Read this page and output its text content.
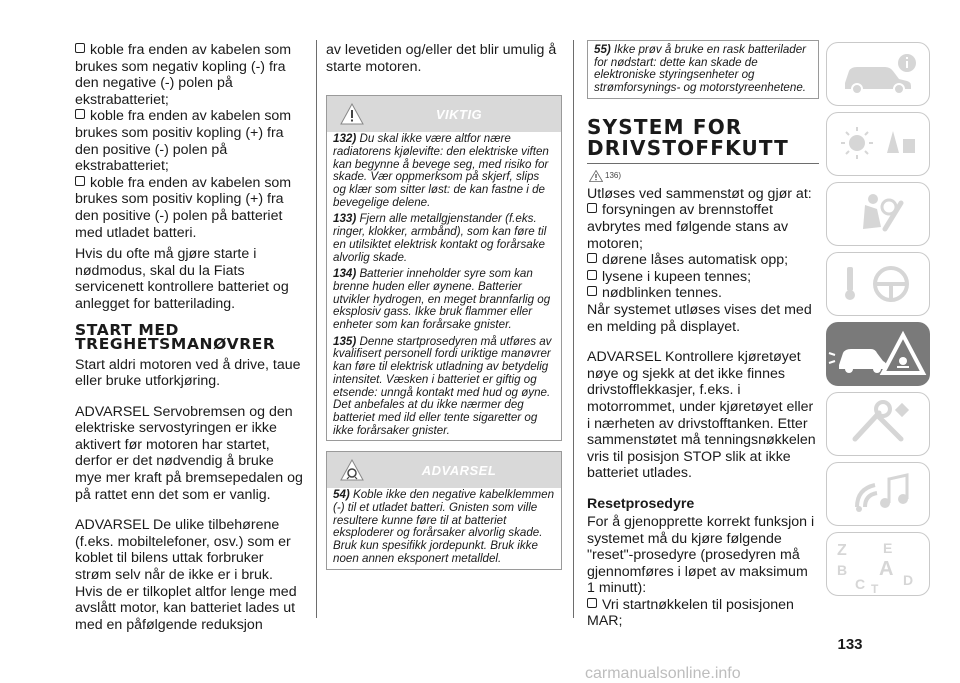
koble fra enden av kabelen som brukes som negativ kopling (-) fra den negative (-) polen på ekstrabatteriet;

koble fra enden av kabelen som brukes som positiv kopling (+) fra den positive (-) polen på ekstrabatteriet;

koble fra enden av kabelen som brukes som positiv kopling (+) fra den positive (-) polen på batteriet med utladet batteri.

Hvis du ofte må gjøre starte i nødmodus, skal du la Fiats servicenett kontrollere batteriet og anlegget for batterilading.

START MED TREGHETSMANØVRER

Start aldri motoren ved å drive, taue eller bruke utforkjøring.

ADVARSEL Servobremsen og den elektriske servostyringen er ikke aktivert før motoren har startet, derfor er det nødvendig å bruke mye mer kraft på bremsepedalen og på rattet enn det som er vanlig.

ADVARSEL De ulike tilbehørene (f.eks. mobiltelefoner, osv.) som er koblet til bilens uttak forbruker strøm selv når de ikke er i bruk. Hvis de er tilkoplet altfor lenge med avslått motor, kan batteriet lades ut med en påfølgende reduksjon

av levetiden og/eller det blir umulig å starte motoren.

VIKTIG
132) Du skal ikke være altfor nære radiatorens kjølevifte: den elektriske viften kan begynne å bevege seg, med risiko for skade. Vær oppmerksom på skjerf, slips og klær som sitter løst: de kan fastne i de bevegelige delene.
133) Fjern alle metallgjenstander (f.eks. ringer, klokker, armbånd), som kan føre til en utilsiktet elektrisk kontakt og forårsake alvorlig skade.
134) Batterier inneholder syre som kan brenne huden eller øynene. Batterier utvikler hydrogen, en meget brannfarlig og eksplosiv gass. Ikke bruk flammer eller enheter som kan forårsake gnister.
135) Denne startprosedyren må utføres av kvalifisert personell fordi uriktige manøvrer kan føre til elektrisk utladning av betydelig intensitet. Væsken i batteriet er giftig og etsende: unngå kontakt med hud og øyne. Det anbefales at du ikke nærmer deg batteriet med ild eller tente sigaretter og ikke forårsaker gnister.
ADVARSEL
54) Koble ikke den negative kabelklemmen (-) til et utladet batteri. Gnisten som ville resultere kunne føre til at batteriet eksploderer og forårsaker alvorlig skade. Bruk kun spesifikk jordepunkt. Bruk ikke noen annen eksponert metalldel.
55) Ikke prøv å bruke en rask batterilader for nødstart: dette kan skade de elektroniske styringsenheter og strømforsynings- og motorstyreenhetene.
SYSTEM FOR DRIVSTOFFKUTT
136)

Utløses ved sammenstøt og gjør at:

forsyningen av brennstoffet avbrytes med følgende stans av motoren;

dørene låses automatisk opp;

lysene i kupeen tennes;

nødblinken tennes.

Når systemet utløses vises det med en melding på displayet.

ADVARSEL Kontrollere kjøretøyet nøye og sjekk at det ikke finnes drivstofflekkasjer, f.eks. i motorrommet, under kjøretøyet eller i nærheten av drivstofftanken. Etter sammenstøtet må tenningsnøkkelen vris til posisjon STOP slik at ikke batteriet utlades.

Resetprosedyre

For å gjenopprette korrekt funksjon i systemet må du kjøre følgende "reset"-prosedyre (prosedyren må gjennomføres i løpet av maksimum 1 minutt):

Vri startnøkkelen til posisjonen MAR;

Z	E
B A
C	D
T
133
carmanualsonline.info
